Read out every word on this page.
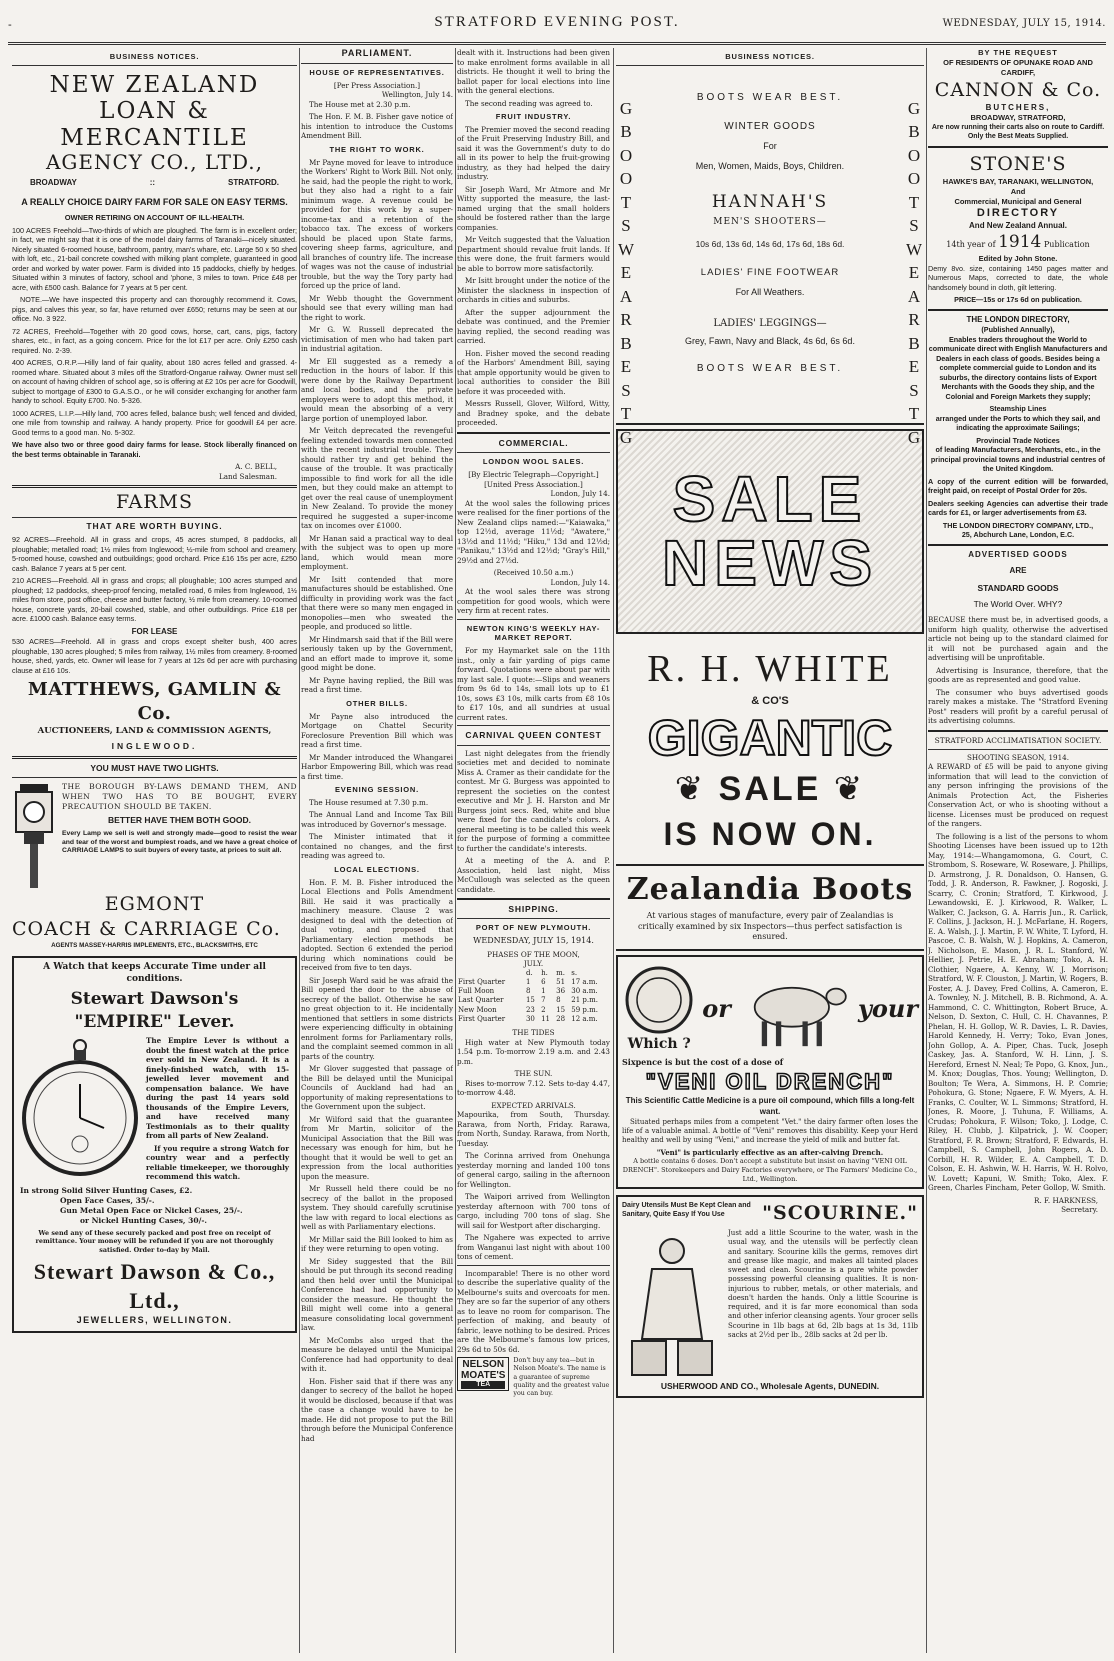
-	STRATFORD EVENING POST.	WEDNESDAY, JULY 15, 1914.
BUSINESS NOTICES.
NEW ZEALAND
LOAN & MERCANTILE
AGENCY CO., LTD.,
BROADWAY	::	STRATFORD.
A REALLY CHOICE DAIRY FARM FOR SALE ON EASY TERMS.
OWNER RETIRING ON ACCOUNT OF ILL-HEALTH.

100 ACRES Freehold—Two-thirds of which are ploughed. The farm is in excellent order; in fact, we might say that it is one of the model dairy farms of Taranaki—nicely situated. Nicely situated 6-roomed house, bathroom, pantry, man's whare, etc. Large 50 x 50 shed with loft, etc., 21-bail concrete cowshed with milking plant complete, guaranteed in good order and worked by water power. Farm is divided into 15 paddocks, chiefly by hedges. Situated within 3 minutes of factory, school and 'phone, 3 miles to town. Price £48 per acre, with £500 cash. Balance for 7 years at 5 per cent.

NOTE.—We have inspected this property and can thoroughly recommend it. Cows, pigs, and calves this year, so far, have returned over £650; returns may be seen at our office. No. 3 922.

72 ACRES, Freehold—Together with 20 good cows, horse, cart, cans, pigs, factory shares, etc., in fact, as a going concern. Price for the lot £17 per acre. Only £250 cash required. No. 2-39.

400 ACRES, O.R.P.—Hilly land of fair quality, about 180 acres felled and grassed. 4-roomed whare. Situated about 3 miles off the Stratford-Ongarue railway. Owner must sell on account of having children of school age, so is offering at £2 10s per acre for Goodwill, subject to mortgage of £300 to G.A.S.O., or he will consider exchanging for another farm handy to school. Equity £700. No. 5-326.

1000 ACRES, L.I.P.—Hilly land, 700 acres felled, balance bush; well fenced and divided, one mile from township and railway. A handy property. Price for goodwill £4 per acre. Good terms to a good man. No. 5-302.

We have also two or three good dairy farms for lease. Stock liberally financed on the best terms obtainable in Taranaki.

A. C. BELL,
Land Salesman.
FARMS
THAT ARE WORTH BUYING.

92 ACRES—Freehold. All in grass and crops, 45 acres stumped, 8 paddocks, all ploughable; metalled road; 1½ miles from Inglewood; ½-mile from school and creamery. 5-roomed house, cowshed and outbuildings; good orchard. Price £16 15s per acre, £250 cash. Balance 7 years at 5 per cent.

210 ACRES—Freehold. All in grass and crops; all ploughable; 100 acres stumped and ploughed; 12 paddocks, sheep-proof fencing, metalled road, 6 miles from Inglewood, 1½ miles from store, post office, cheese and butter factory, ½ mile from creamery. 10-roomed house, concrete yards, 20-bail cowshed, stable, and other outbuildings. Price £18 per acre. £1000 cash. Balance easy terms.

FOR LEASE

530 ACRES—Freehold. All in grass and crops except shelter bush, 400 acres ploughable, 130 acres ploughed; 5 miles from railway, 1½ miles from creamery. 8-roomed house, shed, yards, etc. Owner will lease for 7 years at 12s 6d per acre with purchasing clause at £16 10s.

MATTHEWS, GAMLIN & Co.
AUCTIONEERS, LAND & COMMISSION AGENTS,
INGLEWOOD.
YOU MUST HAVE TWO LIGHTS.

THE BOROUGH BY-LAWS DEMAND THEM, AND WHEN TWO HAS TO BE BOUGHT, EVERY PRECAUTION SHOULD BE TAKEN.

BETTER HAVE THEM BOTH GOOD.

Every Lamp we sell is well and strongly made—good to resist the wear and tear of the worst and bumpiest roads, and we have a great choice of CARRIAGE LAMPS to suit buyers of every taste, at prices to suit all.

EGMONT
COACH & CARRIAGE Co.
AGENTS MASSEY-HARRIS IMPLEMENTS, ETC., BLACKSMITHS, ETC
A Watch that keeps Accurate Time under all conditions.
Stewart Dawson's "EMPIRE" Lever.

The Empire Lever is without a doubt the finest watch at the price ever sold in New Zealand. It is a finely-finished watch, with 15-jewelled lever movement and compensation balance. We have during the past 14 years sold thousands of the Empire Levers, and have received many Testimonials as to their quality from all parts of New Zealand.

If you require a strong Watch for country wear and a perfectly reliable timekeeper, we thoroughly recommend this watch.

In strong Solid Silver Hunting Cases, £2.
Open Face Cases, 35/-.
Gun Metal Open Face or Nickel Cases, 25/-.
or Nickel Hunting Cases, 30/-.
We send any of these securely packed and post free on receipt of remittance. Your money will be refunded if you are not thoroughly satisfied. Order to-day by Mail.
Stewart Dawson & Co., Ltd.,
JEWELLERS, WELLINGTON.
PARLIAMENT.
HOUSE OF REPRESENTATIVES.
[Per Press Association.]
Wellington, July 14.

The House met at 2.30 p.m.

The Hon. F. M. B. Fisher gave notice of his intention to introduce the Customs Amendment Bill.

THE RIGHT TO WORK.

Mr Payne moved for leave to introduce the Workers' Right to Work Bill. Not only, he said, had the people the right to work, but they also had a right to a fair minimum wage. A revenue could be provided for this work by a super-income-tax and a retention of the tobacco tax. The excess of workers should be placed upon State farms, covering sheep farms, agriculture, and all branches of country life. The increase of wages was not the cause of industrial trouble, but the way the Tory party had forced up the price of land.

Mr Webb thought the Government should see that every willing man had the right to work.

Mr G. W. Russell deprecated the victimisation of men who had taken part in industrial agitation.

Mr Ell suggested as a remedy a reduction in the hours of labor. If this were done by the Railway Department and local bodies, and the private employers were to adopt this method, it would mean the absorbing of a very large portion of unemployed labor.

Mr Veitch deprecated the revengeful feeling extended towards men connected with the recent industrial trouble. They should rather try and get behind the cause of the trouble. It was practically impossible to find work for all the idle men, but they could make an attempt to get over the real cause of unemployment in New Zealand. To provide the money required he suggested a super-income tax on incomes over £1000.

Mr Hanan said a practical way to deal with the subject was to open up more land, which would mean more employment.

Mr Isitt contended that more manufactures should be established. One difficulty in providing work was the fact that there were so many men engaged in monopolies—men who sweated the people, and produced so little.

Mr Hindmarsh said that if the Bill were seriously taken up by the Government, and an effort made to improve it, some good might be done.

Mr Payne having replied, the Bill was read a first time.

OTHER BILLS.

Mr Payne also introduced the Mortgage on Chattel Security Foreclosure Prevention Bill which was read a first time.

Mr Mander introduced the Whangarei Harbor Empowering Bill, which was read a first time.

EVENING SESSION.

The House resumed at 7.30 p.m.

The Annual Land and Income Tax Bill was introduced by Governor's message.

The Minister intimated that it contained no changes, and the first reading was agreed to.

LOCAL ELECTIONS.

Hon. F. M. B. Fisher introduced the Local Elections and Polls Amendment Bill. He said it was practically a machinery measure. Clause 2 was designed to deal with the detection of dual voting, and proposed that Parliamentary election methods be adopted. Section 6 extended the period during which nominations could be received from five to ten days.

Sir Joseph Ward said he was afraid the Bill opened the door to the abuse of secrecy of the ballot. Otherwise he saw no great objection to it. He incidentally mentioned that settlers in some districts were experiencing difficulty in obtaining enrolment forms for Parliamentary rolls, and the complaint seemed common in all parts of the country.

Mr Glover suggested that passage of the Bill be delayed until the Municipal Councils of Auckland had had an opportunity of making representations to the Government upon the subject.

Mr Wilford said that the guarantee from Mr Martin, solicitor of the Municipal Association that the Bill was necessary was enough for him, but he thought that it would be well to get an expression from the local authorities upon the measure.

Mr Russell held there could be no secrecy of the ballot in the proposed system. They should carefully scrutinise the law with regard to local elections as well as with Parliamentary elections.

Mr Millar said the Bill looked to him as if they were returning to open voting.

Mr Sidey suggested that the Bill should be put through its second reading and then held over until the Municipal Conference had had opportunity to consider the measure. He thought the Bill might well come into a general measure consolidating local government law.

Mr McCombs also urged that the measure be delayed until the Municipal Conference had had opportunity to deal with it.

Hon. Fisher said that if there was any danger to secrecy of the ballot he hoped it would be disclosed, because if that was the case a change would have to be made. He did not propose to put the Bill through before the Municipal Conference had

dealt with it. Instructions had been given to make enrolment forms available in all districts. He thought it well to bring the ballot paper for local elections into line with the general elections.

The second reading was agreed to.

FRUIT INDUSTRY.

The Premier moved the second reading of the Fruit Preserving Industry Bill, and said it was the Government's duty to do all in its power to help the fruit-growing industry, as they had helped the dairy industry.

Sir Joseph Ward, Mr Atmore and Mr Witty supported the measure, the last-named urging that the small holders should be fostered rather than the large companies.

Mr Veitch suggested that the Valuation Department should revalue fruit lands. If this were done, the fruit farmers would be able to borrow more satisfactorily.

Mr Isitt brought under the notice of the Minister the slackness in inspection of orchards in cities and suburbs.

After the supper adjournment the debate was continued, and the Premier having replied, the second reading was carried.

Hon. Fisher moved the second reading of the Harbors' Amendment Bill, saying that ample opportunity would be given to local authorities to consider the Bill before it was proceeded with.

Messrs Russell, Glover, Wilford, Witty, and Bradney spoke, and the debate proceeded.

COMMERCIAL.
LONDON WOOL SALES.
[By Electric Telegraph—Copyright.] [United Press Association.]
London, July 14.

At the wool sales the following prices were realised for the finer portions of the New Zealand clips named:—"Kaiawaka," top 12½d, average 11½d; "Awatere," 13½d and 11½d; "Hiku," 13d and 12½d; "Panikau," 13½d and 12½d; "Gray's Hill," 29½d and 27½d.

(Received 10.50 a.m.)
London, July 14.

At the wool sales there was strong competition for good wools, which were very firm at recent rates.

NEWTON KING'S WEEKLY HAY-MARKET REPORT.

For my Haymarket sale on the 11th inst., only a fair yarding of pigs came forward. Quotations were about par with my last sale. I quote:—Slips and weaners from 9s 6d to 14s, small lots up to £1 10s, sows £3 10s, milk carts from £8 10s to £17 10s, and all sundries at usual current rates.

CARNIVAL QUEEN CONTEST

Last night delegates from the friendly societies met and decided to nominate Miss A. Cramer as their candidate for the contest. Mr G. Burgess was appointed to represent the societies on the contest executive and Mr J. H. Harston and Mr Burgess joint secs. Red, white and blue were fixed for the candidate's colors. A general meeting is to be called this week for the purpose of forming a committee to further the candidate's interests.

At a meeting of the A. and P. Association, held last night, Miss McCullough was selected as the queen candidate.

SHIPPING.
PORT OF NEW PLYMOUTH.
WEDNESDAY, JULY 15, 1914.
PHASES OF THE MOON,
JULY.
	d.	h.	m.	s.
First Quarter	1	6	51	17 a.m.
Full Moon	8	1	36	30 a.m.
Last Quarter	15	7	8	21 p.m.
New Moon	23	2	15	59 p.m.
First Quarter	30	11	28	12 a.m.
THE TIDES

High water at New Plymouth today 1.54 p.m. To-morrow 2.19 a.m. and 2.43 p.m.

THE SUN.

Rises to-morrow 7.12. Sets to-day 4.47, to-morrow 4.48.

EXPECTED ARRIVALS.

Mapourika, from South, Thursday. Rarawa, from North, Friday. Rarawa, from North, Sunday. Rarawa, from North, Tuesday.

The Corinna arrived from Onehunga yesterday morning and landed 100 tons of general cargo, sailing in the afternoon for Wellington.

The Waipori arrived from Wellington yesterday afternoon with 700 tons of cargo, including 700 tons of slag. She will sail for Westport after discharging.

The Ngahere was expected to arrive from Wanganui last night with about 100 tons of cement.

Incomparable! There is no other word to describe the superlative quality of the Melbourne's suits and overcoats for men. They are so far the superior of any others as to leave no room for comparison. The perfection of making, and beauty of fabric, leave nothing to be desired. Prices are the Melbourne's famous low prices, 29s 6d to 50s 6d.

NELSON
MOATE'S
TEA
Don't buy any tea—but in Nelson Moate's. The name is a guarantee of supreme quality and the greatest value you can buy.
BUSINESS NOTICES.
G
B
O
O
T
S
W
E
A
R
B
E
S
T
G
G
B
O
O
T
S
W
E
A
R
B
E
S
T
G
BOOTS WEAR BEST.
WINTER GOODS
For
Men, Women, Maids, Boys, Children.
HANNAH'S
MEN'S SHOOTERS—
10s 6d, 13s 6d, 14s 6d, 17s 6d, 18s 6d.
LADIES' FINE FOOTWEAR
For All Weathers.
LADIES' LEGGINGS—
Grey, Fawn, Navy and Black, 4s 6d, 6s 6d.
BOOTS WEAR BEST.
SALE
NEWS
R. H. WHITE
& CO'S
GIGANTIC
❦ SALE ❦
IS NOW ON.
Zealandia Boots
At various stages of manufacture, every pair of Zealandias is critically examined by six Inspectors—thus perfect satisfaction is ensured.
Which ?
or	your
Sixpence is but the cost of a dose of
"VENI OIL DRENCH"
This Scientific Cattle Medicine is a pure oil compound, which fills a long-felt want.

Situated perhaps miles from a competent "Vet." the dairy farmer often loses the life of a valuable animal. A bottle of "Veni" removes this disability. Keep your Herd healthy and well by using "Veni," and increase the yield of milk and butter fat.

"Veni" is particularly effective as an after-calving Drench.
A bottle contains 6 doses. Don't accept a substitute but insist on having "VENI OIL DRENCH". Storekeepers and Dairy Factories everywhere, or The Farmers' Medicine Co., Ltd., Wellington.
Dairy Utensils Must Be Kept Clean and Sanitary, Quite Easy If You Use	"SCOURINE."

Just add a little Scourine to the water, wash in the usual way, and the utensils will be perfectly clean and sanitary. Scourine kills the germs, removes dirt and grease like magic, and makes all tainted places sweet and clean. Scourine is a pure white powder possessing powerful cleansing qualities. It is non-injurious to rubber, metals, or other materials, and doesn't harden the hands. Only a little Scourine is required, and it is far more economical than soda and other inferior cleansing agents. Your grocer sells Scourine in 1lb bags at 6d, 2lb bags at 1s 3d, 11lb sacks at 2½d per lb., 28lb sacks at 2d per lb.

USHERWOOD AND CO., Wholesale Agents, DUNEDIN.
BY THE REQUEST
OF RESIDENTS OF OPUNAKE ROAD AND CARDIFF,
CANNON & Co.
BUTCHERS,
BROADWAY, STRATFORD,
Are now running their carts also on route to Cardiff.
Only the Best Meats Supplied.
STONE'S
HAWKE'S BAY, TARANAKI, WELLINGTON,
And
Commercial, Municipal and General
DIRECTORY
And New Zealand Annual.
14th year of 1914 Publication
Edited by John Stone.

Demy 8vo. size, containing 1450 pages matter and Numerous Maps, corrected to date, the whole handsomely bound in cloth, gilt lettering.

PRICE—15s or 17s 6d on publication.
THE LONDON DIRECTORY,
(Published Annually),

Enables traders throughout the World to communicate direct with English Manufacturers and Dealers in each class of goods. Besides being a complete commercial guide to London and its suburbs, the directory contains lists of Export Merchants with the Goods they ship, and the Colonial and Foreign Markets they supply;

Steamship Lines

arranged under the Ports to which they sail, and indicating the approximate Sailings;

Provincial Trade Notices

of leading Manufacturers, Merchants, etc., in the principal provincial towns and industrial centres of the United Kingdom.

A copy of the current edition will be forwarded, freight paid, on receipt of Postal Order for 20s.

Dealers seeking Agencies can advertise their trade cards for £1, or larger advertisements from £3.

THE LONDON DIRECTORY COMPANY, LTD.,
25, Abchurch Lane, London, E.C.
ADVERTISED GOODS
ARE
STANDARD GOODS
The World Over. WHY?

BECAUSE there must be, in advertised goods, a uniform high quality, otherwise the advertised article not being up to the standard claimed for it will not be purchased again and the advertising will be unprofitable.

Advertising is Insurance, therefore, that the goods are as represented and good value.

The consumer who buys advertised goods rarely makes a mistake. The "Stratford Evening Post" readers will profit by a careful perusal of its advertising columns.

STRATFORD ACCLIMATISATION SOCIETY.
SHOOTING SEASON, 1914.

A REWARD of £5 will be paid to anyone giving information that will lead to the conviction of any person infringing the provisions of the Animals Protection Act, the Fisheries Conservation Act, or who is shooting without a license. Licenses must be produced on request of the rangers.

The following is a list of the persons to whom Shooting Licenses have been issued up to 12th May, 1914:—Whangamomona, G. Court, C. Strombom, S. Roseware, W. Roseware, J. Phillips, D. Armstrong, J. R. Donaldson, O. Hansen, G. Todd, J. R. Anderson, R. Fawkner, J. Rogoski, J. Scarry, C. Cronin; Stratford, T. Kirkwood, J. Lewandowski, E. J. Kirkwood, R. Walker, L. Walker, C. Jackson, G. A. Harris Jun., R. Carlick, F. Collins, J. Jackson, H. J. McFarlane, H. Rogers, E. A. Walsh, J. J. Martin, F. W. White, T. Lyford, H. Pascoe, C. B. Walsh, W. J. Hopkins, A. Cameron, J. Nicholson, E. Mason, J. R. L. Stanford, W. Hellier, J. Petrie, H. E. Abraham; Toko, A. H. Clothier, Ngaere, A. Kenny, W. J. Morrison; Stratford, W. F. Clouston, J. Martin, W. Rogers, B. Foster, A. J. Davey, Fred Collins, A. Cameron, E. A. Townley, N. J. Mitchell, B. B. Richmond, A. A. Hammond, C. C. Whittington, Robert Bruce, A. Nelson, D. Sexton, C. Hull, C. H. Chavannes, P. Phelan, H. H. Gollop, W. R. Davies, L. R. Davies, Harold Kennedy, H. Verry; Toko, Evan Jones, John Gollop, A. A. Piper, Chas. Tuck, Joseph Caskey, Jas. A. Stanford, W. H. Linn, J. S. Hereford, Ernest N. Neal; Te Popo, G. Knox, Jun., M. Knox; Douglas, Thos. Young; Wellington, D. Boulton; Te Wera, A. Simmons, H. P. Comrie; Pohokura, G. Stone; Ngaere, F. W. Myers, A. H. Franks, C. Coulter, W. L. Simmons; Stratford, H. Jones, R. Moore, J. Tuhuna, F. Williams, A. Crudas; Pohokura, F. Wilson; Toko, J. Lodge, C. Riley, H. Clubb, J. Kilpatrick, J. W. Cooper; Stratford, F. R. Brown; Stratford, F. Edwards, H. Campbell, S. Campbell, John Rogers, A. D. Corbill, H. R. Wilder, E. A. Campbell, T. D. Colson, E. H. Ashwin, W. H. Harris, W. H. Rolvo, W. Lovett; Kapuni, W. Smith; Toko, Alex. F. Green, Charles Fincham, Peter Gollop, W. Smith.

R. F. HARKNESS,
Secretary.
